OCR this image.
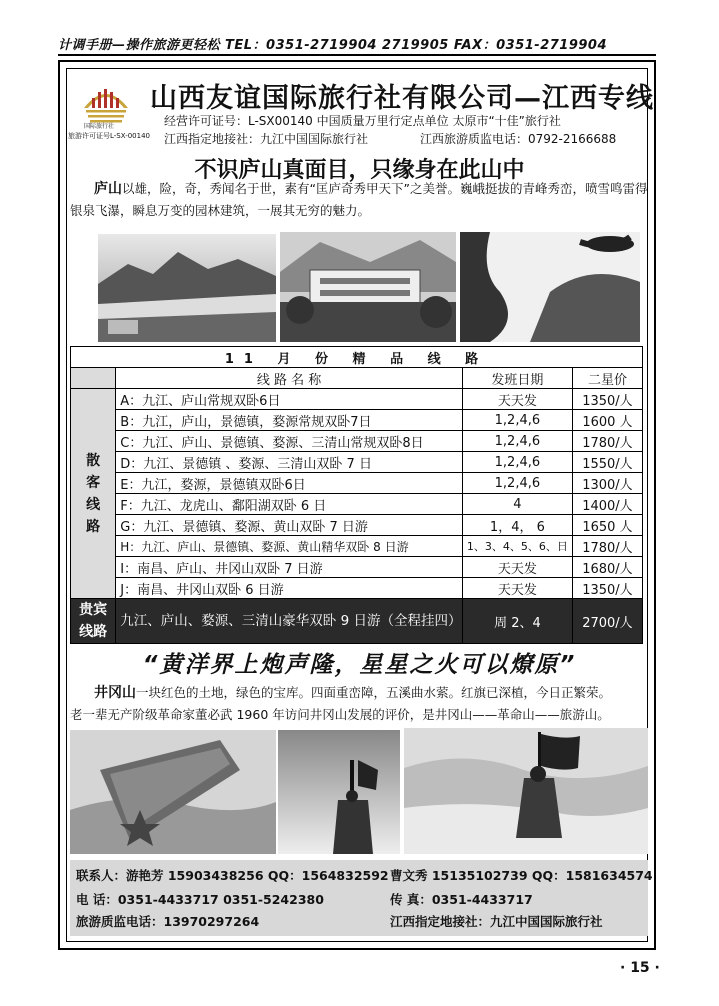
计调手册—操作旅游更轻松 TEL：0351-2719904 2719905 FAX：0351-2719904
国际旅行社
旅游许可证号L-SX-00140
山西友谊国际旅行社有限公司—江西专线
经营许可证号：L-SX00140 中国质量万里行定点单位 太原市“十佳”旅行社
江西指定地接社：九江中国国际旅行社	江西旅游质监电话：0792-2166688
不识庐山真面目，只缘身在此山中
庐山以雄，险，奇，秀闻名于世，素有“匡庐奇秀甲天下”之美誉。巍峨挺拔的青峰秀峦，喷雪鸣雷得银泉飞瀑，瞬息万变的园林建筑，一展其无穷的魅力。
11 月 份 精 品 线 路			
	线 路 名 称	发班日期	二星价
散客线路	A：九江、庐山常规双卧6日	天天发	1350/人
	B：九江，庐山，景德镇，婺源常规双卧7日	1,2,4,6	1600 人
	C：九江、庐山、景德镇、婺源、三清山常规双卧8日	1,2,4,6	1780/人
	D：九江、景德镇 、婺源、三清山双卧 7 日	1,2,4,6	1550/人
	E：九江，婺源，景德镇双卧6日	1,2,4,6	1300/人
	F：九江、龙虎山、鄱阳湖双卧 6 日	4	1400/人
	G：九江、景德镇、婺源、黄山双卧 7 日游	1，4， 6	1650 人
	H：九江、庐山、景德镇、婺源、黄山精华双卧 8 日游	1、3、4、5、6、日	1780/人
	I：南昌、庐山、井冈山双卧 7 日游	天天发	1680/人
	J：南昌、井冈山双卧 6 日游	天天发	1350/人
贵宾线路	九江、庐山、婺源、三清山豪华双卧 9 日游（全程挂四）	周 2、4	2700/人
“黄洋界上炮声隆，星星之火可以燎原”
井冈山一块红色的土地，绿色的宝库。四面重峦障，五溪曲水萦。红旗已深植，今日正繁荣。
老一辈无产阶级革命家董必武 1960 年访问井冈山发展的评价，是井冈山——革命山——旅游山。
联系人：游艳芳 15903438256 QQ：1564832592 曹文秀 15135102739 QQ：1581634574
电 话：0351-4433717 0351-5242380	传 真：0351-4433717
旅游质监电话：13970297264	江西指定地接社：九江中国国际旅行社
· 15 ·
